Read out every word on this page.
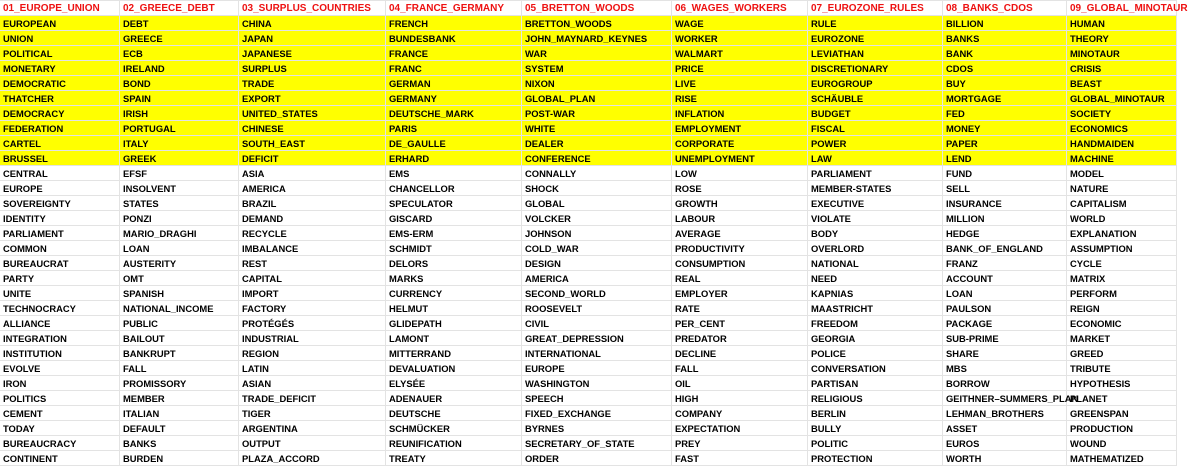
01_EUROPE_UNION
EUROPEAN
UNION
POLITICAL
MONETARY
DEMOCRATIC
THATCHER
DEMOCRACY
FEDERATION
CARTEL
BRUSSEL
CENTRAL
EUROPE
SOVEREIGNTY
IDENTITY
PARLIAMENT
COMMON
BUREAUCRAT
PARTY
UNITE
TECHNOCRACY
ALLIANCE
INTEGRATION
INSTITUTION
EVOLVE
IRON
POLITICS
CEMENT
TODAY
BUREAUCRACY
CONTINENT
02_GREECE_DEBT
DEBT
GREECE
ECB
IRELAND
BOND
SPAIN
IRISH
PORTUGAL
ITALY
GREEK
EFSF
INSOLVENT
STATES
PONZI
MARIO_DRAGHI
LOAN
AUSTERITY
OMT
SPANISH
NATIONAL_INCOME
PUBLIC
BAILOUT
BANKRUPT
FALL
PROMISSORY
MEMBER
ITALIAN
DEFAULT
BANKS
BURDEN
03_SURPLUS_COUNTRIES
CHINA
JAPAN
JAPANESE
SURPLUS
TRADE
EXPORT
UNITED_STATES
CHINESE
SOUTH_EAST
DEFICIT
ASIA
AMERICA
BRAZIL
DEMAND
RECYCLE
IMBALANCE
REST
CAPITAL
IMPORT
FACTORY
PROTÉGÉS
INDUSTRIAL
REGION
LATIN
ASIAN
TRADE_DEFICIT
TIGER
ARGENTINA
OUTPUT
PLAZA_ACCORD
04_FRANCE_GERMANY
FRENCH
BUNDESBANK
FRANCE
FRANC
GERMAN
GERMANY
DEUTSCHE_MARK
PARIS
DE_GAULLE
ERHARD
EMS
CHANCELLOR
SPECULATOR
GISCARD
EMS-ERM
SCHMIDT
DELORS
MARKS
CURRENCY
HELMUT
GLIDEPATH
LAMONT
MITTERRAND
DEVALUATION
ELYSÉE
ADENAUER
DEUTSCHE
SCHMÜCKER
REUNIFICATION
TREATY
05_BRETTON_WOODS
BRETTON_WOODS
JOHN_MAYNARD_KEYNES
WAR
SYSTEM
NIXON
GLOBAL_PLAN
POST-WAR
WHITE
DEALER
CONFERENCE
CONNALLY
SHOCK
GLOBAL
VOLCKER
JOHNSON
COLD_WAR
DESIGN
AMERICA
SECOND_WORLD
ROOSEVELT
CIVIL
GREAT_DEPRESSION
INTERNATIONAL
EUROPE
WASHINGTON
SPEECH
FIXED_EXCHANGE
BYRNES
SECRETARY_OF_STATE
ORDER
06_WAGES_WORKERS
WAGE
WORKER
WALMART
PRICE
LIVE
RISE
INFLATION
EMPLOYMENT
CORPORATE
UNEMPLOYMENT
LOW
ROSE
GROWTH
LABOUR
AVERAGE
PRODUCTIVITY
CONSUMPTION
REAL
EMPLOYER
RATE
PER_CENT
PREDATOR
DECLINE
FALL
OIL
HIGH
COMPANY
EXPECTATION
PREY
FAST
07_EUROZONE_RULES
RULE
EUROZONE
LEVIATHAN
DISCRETIONARY
EUROGROUP
SCHÄUBLE
BUDGET
FISCAL
POWER
LAW
PARLIAMENT
MEMBER-STATES
EXECUTIVE
VIOLATE
BODY
OVERLORD
NATIONAL
NEED
KAPNIAS
MAASTRICHT
FREEDOM
GEORGIA
POLICE
CONVERSATION
PARTISAN
RELIGIOUS
BERLIN
BULLY
POLITIC
PROTECTION
08_BANKS_CDOS
BILLION
BANKS
BANK
CDOS
BUY
MORTGAGE
FED
MONEY
PAPER
LEND
FUND
SELL
INSURANCE
MILLION
HEDGE
BANK_OF_ENGLAND
FRANZ
ACCOUNT
LOAN
PAULSON
PACKAGE
SUB-PRIME
SHARE
MBS
BORROW
GEITHNER–SUMMERS_PLAN
LEHMAN_BROTHERS
ASSET
EUROS
WORTH
09_GLOBAL_MINOTAUR
HUMAN
THEORY
MINOTAUR
CRISIS
BEAST
GLOBAL_MINOTAUR
SOCIETY
ECONOMICS
HANDMAIDEN
MACHINE
MODEL
NATURE
CAPITALISM
WORLD
EXPLANATION
ASSUMPTION
CYCLE
MATRIX
PERFORM
REIGN
ECONOMIC
MARKET
GREED
TRIBUTE
HYPOTHESIS
PLANET
GREENSPAN
PRODUCTION
WOUND
MATHEMATIZED
